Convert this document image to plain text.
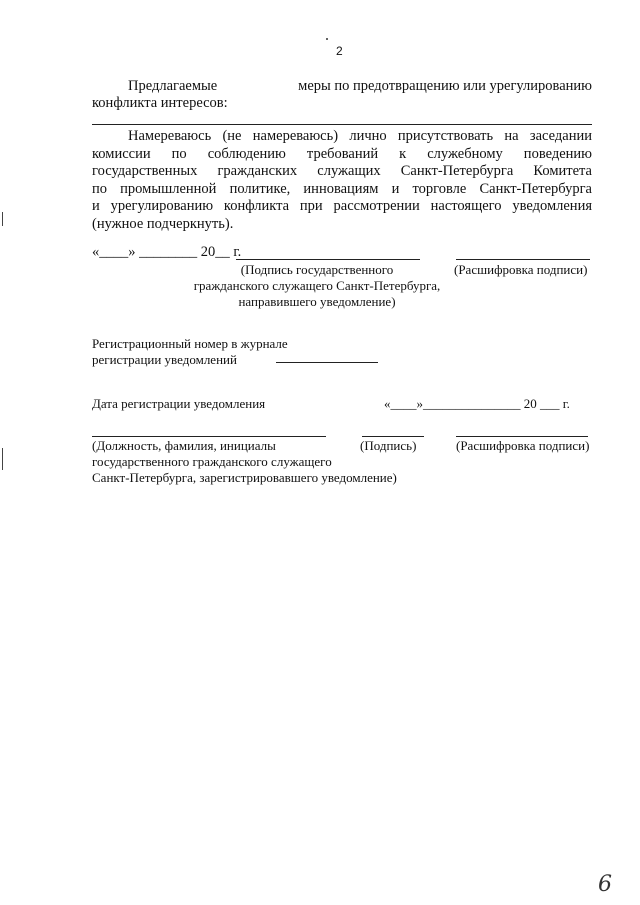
2
Предлагаемые	меры по предотвращению или урегулированию
конфликта интересов:
Намереваюсь (не намереваюсь) лично присутствовать на заседании
комиссии по соблюдению требований к служебному поведению
государственных гражданских служащих Санкт-Петербурга Комитета
по промышленной политике, инновациям и торговле Санкт-Петербурга
и урегулированию конфликта при рассмотрении настоящего уведомления
(нужное подчеркнуть).
«____» ________ 20__ г.
(Подпись государственного
гражданского служащего Санкт-Петербурга,
направившего уведомление)
(Расшифровка подписи)
Регистрационный номер в журнале
регистрации уведомлений
Дата регистрации уведомления	«____»_______________ 20 ___ г.
(Должность, фамилия, инициалы
государственного гражданского служащего
Санкт-Петербурга, зарегистрировавшего уведомление)
(Подпись)	(Расшифровка подписи)
6
